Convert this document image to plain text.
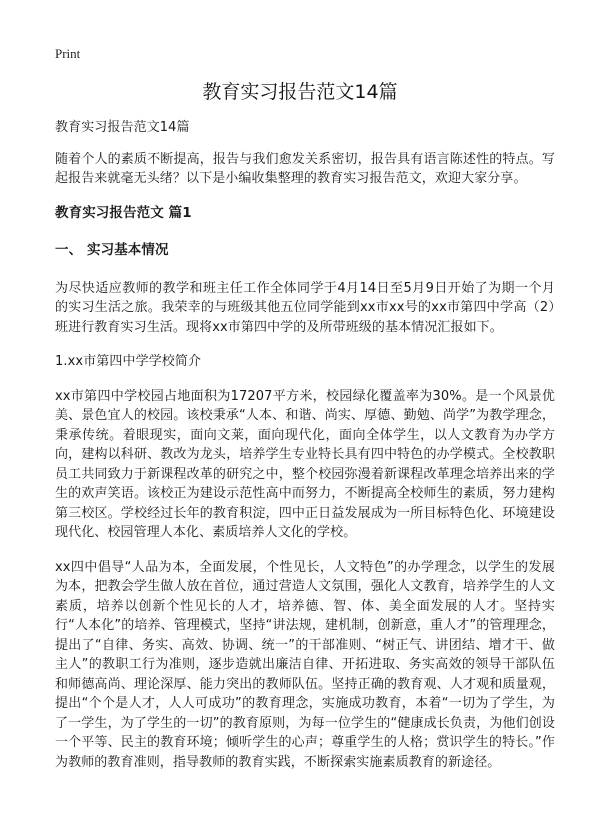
Print
教育实习报告范文14篇

教育实习报告范文14篇

随着个人的素质不断提高，报告与我们愈发关系密切，报告具有语言陈述性的特点。写起报告来就毫无头绪？以下是小编收集整理的教育实习报告范文，欢迎大家分享。

教育实习报告范文 篇1
一、 实习基本情况

为尽快适应教师的教学和班主任工作全体同学于4月14日至5月9日开始了为期一个月的实习生活之旅。我荣幸的与班级其他五位同学能到xx市xx号的xx市第四中学高（2）班进行教育实习生活。现将xx市第四中学的及所带班级的基本情况汇报如下。

1.xx市第四中学学校简介

xx市第四中学校园占地面积为17207平方米，校园绿化覆盖率为30%。是一个风景优美、景色宜人的校园。该校秉承“人本、和谐、尚实、厚德、勤勉、尚学”为教学理念，秉承传统。着眼现实，面向文莱，面向现代化，面向全体学生，以人文教育为办学方向，建构以科研、教改为龙头，培养学生专业特长具有四中特色的办学模式。全校教职员工共同致力于新课程改革的研究之中，整个校园弥漫着新课程改革理念培养出来的学生的欢声笑语。该校正为建设示范性高中而努力，不断提高全校师生的素质，努力建构第三校区。学校经过长年的教育积淀，四中正日益发展成为一所目标特色化、环境建设现代化、校园管理人本化、素质培养人文化的学校。

xx四中倡导“人品为本，全面发展，个性见长，人文特色”的办学理念，以学生的发展为本，把教会学生做人放在首位，通过营造人文氛围，强化人文教育，培养学生的人文素质，培养以创新个性见长的人才，培养德、智、体、美全面发展的人才。坚持实行“人本化”的培养、管理模式，坚持“讲法规，建机制，创新意，重人才”的管理理念，提出了“自律、务实、高效、协调、统一”的干部准则、“树正气、讲团结、增才干、做主人”的教职工行为准则，逐步造就出廉洁自律、开拓进取、务实高效的领导干部队伍和师德高尚、理论深厚、能力突出的教师队伍。坚持正确的教育观、人才观和质量观，提出“个个是人才，人人可成功”的教育理念，实施成功教育，本着“一切为了学生，为了一学生，为了学生的一切”的教育原则，为每一位学生的“健康成长负责，为他们创设一个平等、民主的教育环境；倾听学生的心声；尊重学生的人格；赏识学生的特长。”作为教师的教育准则，指导教师的教育实践，不断探索实施素质教育的新途径。
